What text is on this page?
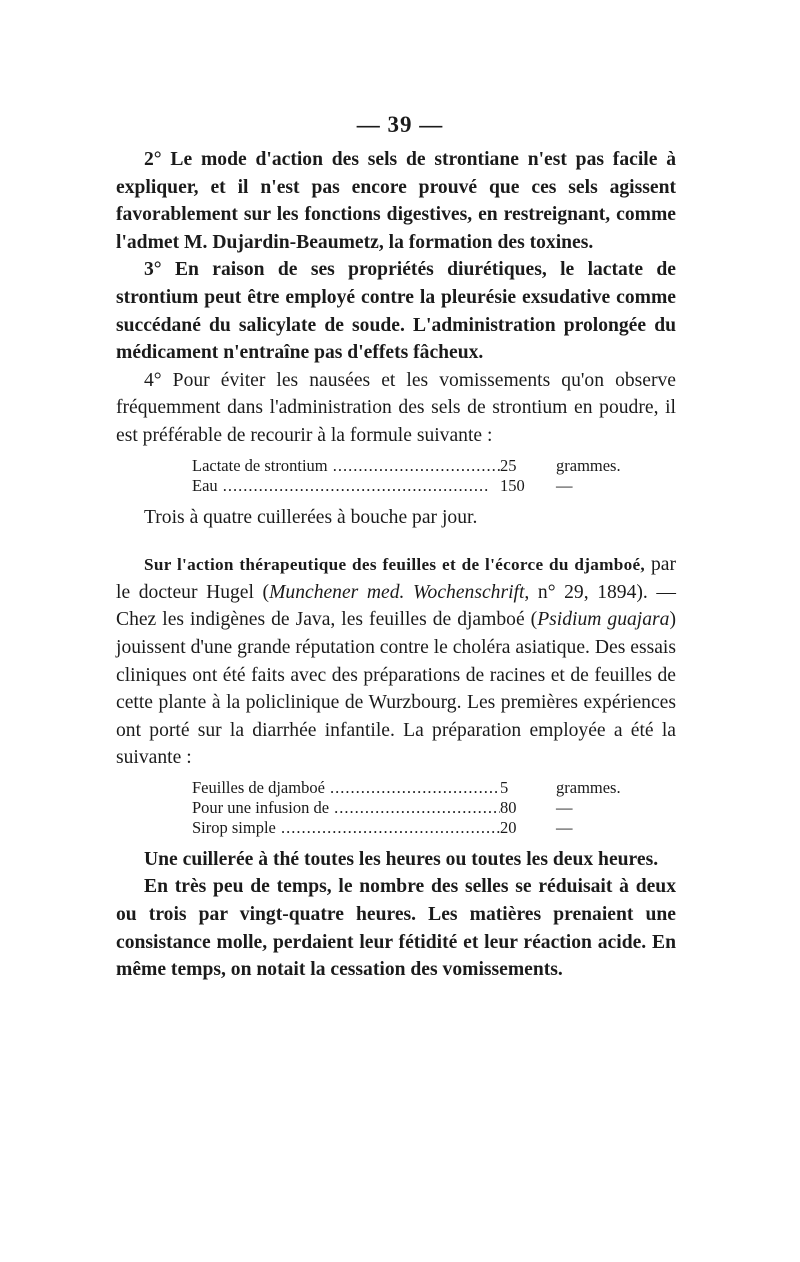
— 39 —

2° Le mode d'action des sels de strontiane n'est pas facile à expliquer, et il n'est pas encore prouvé que ces sels agissent favorablement sur les fonctions digestives, en restreignant, comme l'admet M. Dujardin-Beaumetz, la formation des toxines.

3° En raison de ses propriétés diurétiques, le lactate de strontium peut être employé contre la pleurésie exsudative comme succédané du salicylate de soude. L'administration prolongée du médicament n'entraîne pas d'effets fâcheux.

4° Pour éviter les nausées et les vomissements qu'on observe fréquemment dans l'administration des sels de strontium en poudre, il est préférable de recourir à la formule suivante :

Lactate de strontium .....	25	grammes.
Eau .....	150	—

Trois à quatre cuillerées à bouche par jour.

Sur l'action thérapeutique des feuilles et de l'écorce du djamboé, par le docteur Hugel (Munchener med. Wochenschrift, n° 29, 1894). — Chez les indigènes de Java, les feuilles de djamboé (Psidium guajara) jouissent d'une grande réputation contre le choléra asiatique. Des essais cliniques ont été faits avec des préparations de racines et de feuilles de cette plante à la policlinique de Wurzbourg. Les premières expériences ont porté sur la diarrhée infantile. La préparation employée a été la suivante :

Feuilles de djamboé .....	5	grammes.
Pour une infusion de .....	80	—
Sirop simple .....	20	—

Une cuillerée à thé toutes les heures ou toutes les deux heures.

En très peu de temps, le nombre des selles se réduisait à deux ou trois par vingt-quatre heures. Les matières prenaient une consistance molle, perdaient leur fétidité et leur réaction acide. En même temps, on notait la cessation des vomissements.
